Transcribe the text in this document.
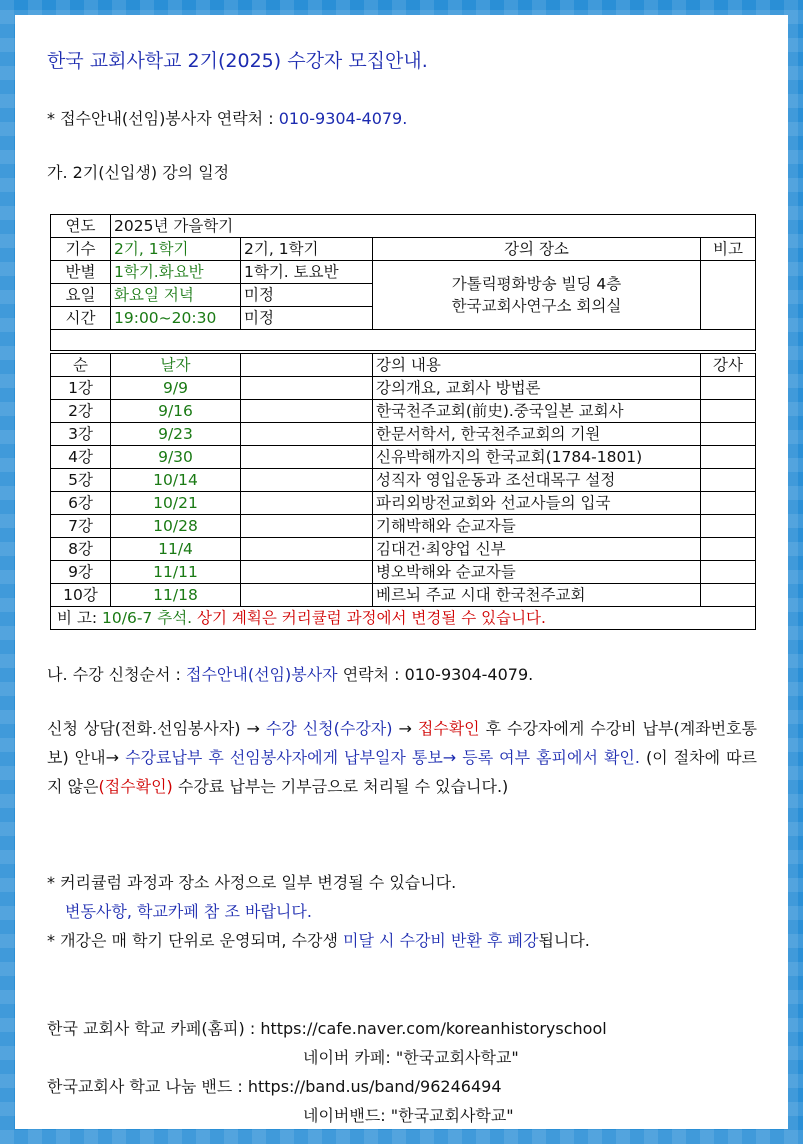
한국 교회사학교 2기(2025) 수강자 모집안내.
* 접수안내(선임)봉사자 연락처 : 010-9304-4079.
가. 2기(신입생) 강의 일정
연도	2025년 가을학기			
기수	2기, 1학기	2기, 1학기	강의 장소	비고
반별	1학기.화요반	1학기. 토요반	가톨릭평화방송 빌딩 4층
한국교회사연구소 회의실	

요일	화요일 저녁	미정		
시간	19:00~20:30	미정		

순	날자		강의 내용	강사
1강	9/9		강의개요, 교회사 방법론	
2강	9/16		한국천주교회(前史).중국일본 교회사	
3강	9/23		한문서학서, 한국천주교회의 기원	
4강	9/30		신유박해까지의 한국교회(1784-1801)	
5강	10/14		성직자 영입운동과 조선대목구 설정	
6강	10/21		파리외방전교회와 선교사들의 입국	
7강	10/28		기해박해와 순교자들	
8강	11/4		김대건·최양업 신부	
9강	11/11		병오박해와 순교자들	
10강	11/18		베르뇌 주교 시대 한국천주교회	
비 고: 10/6-7 추석. 상기 계획은 커리큘럼 과정에서 변경될 수 있습니다.				
나. 수강 신청순서 : 접수안내(선임)봉사자 연락처 : 010-9304-4079.
신청 상담(전화.선임봉사자) → 수강 신청(수강자) → 접수확인 후 수강자에게 수강비 납부(계좌번호통보) 안내→ 수강료납부 후 선임봉사자에게 납부일자 통보→ 등록 여부 홈피에서 확인. (이 절차에 따르지 않은(접수확인) 수강료 납부는 기부금으로 처리될 수 있습니다.)
* 커리큘럼 과정과 장소 사정으로 일부 변경될 수 있습니다.
변동사항, 학교카페 참 조 바랍니다.
* 개강은 매 학기 단위로 운영되며, 수강생 미달 시 수강비 반환 후 폐강됩니다.
한국 교회사 학교 카페(홈피) : https://cafe.naver.com/koreanhistoryschool
네이버 카페: "한국교회사학교"
한국교회사 학교 나눔 밴드 : https://band.us/band/96246494
네이버밴드: "한국교회사학교"
